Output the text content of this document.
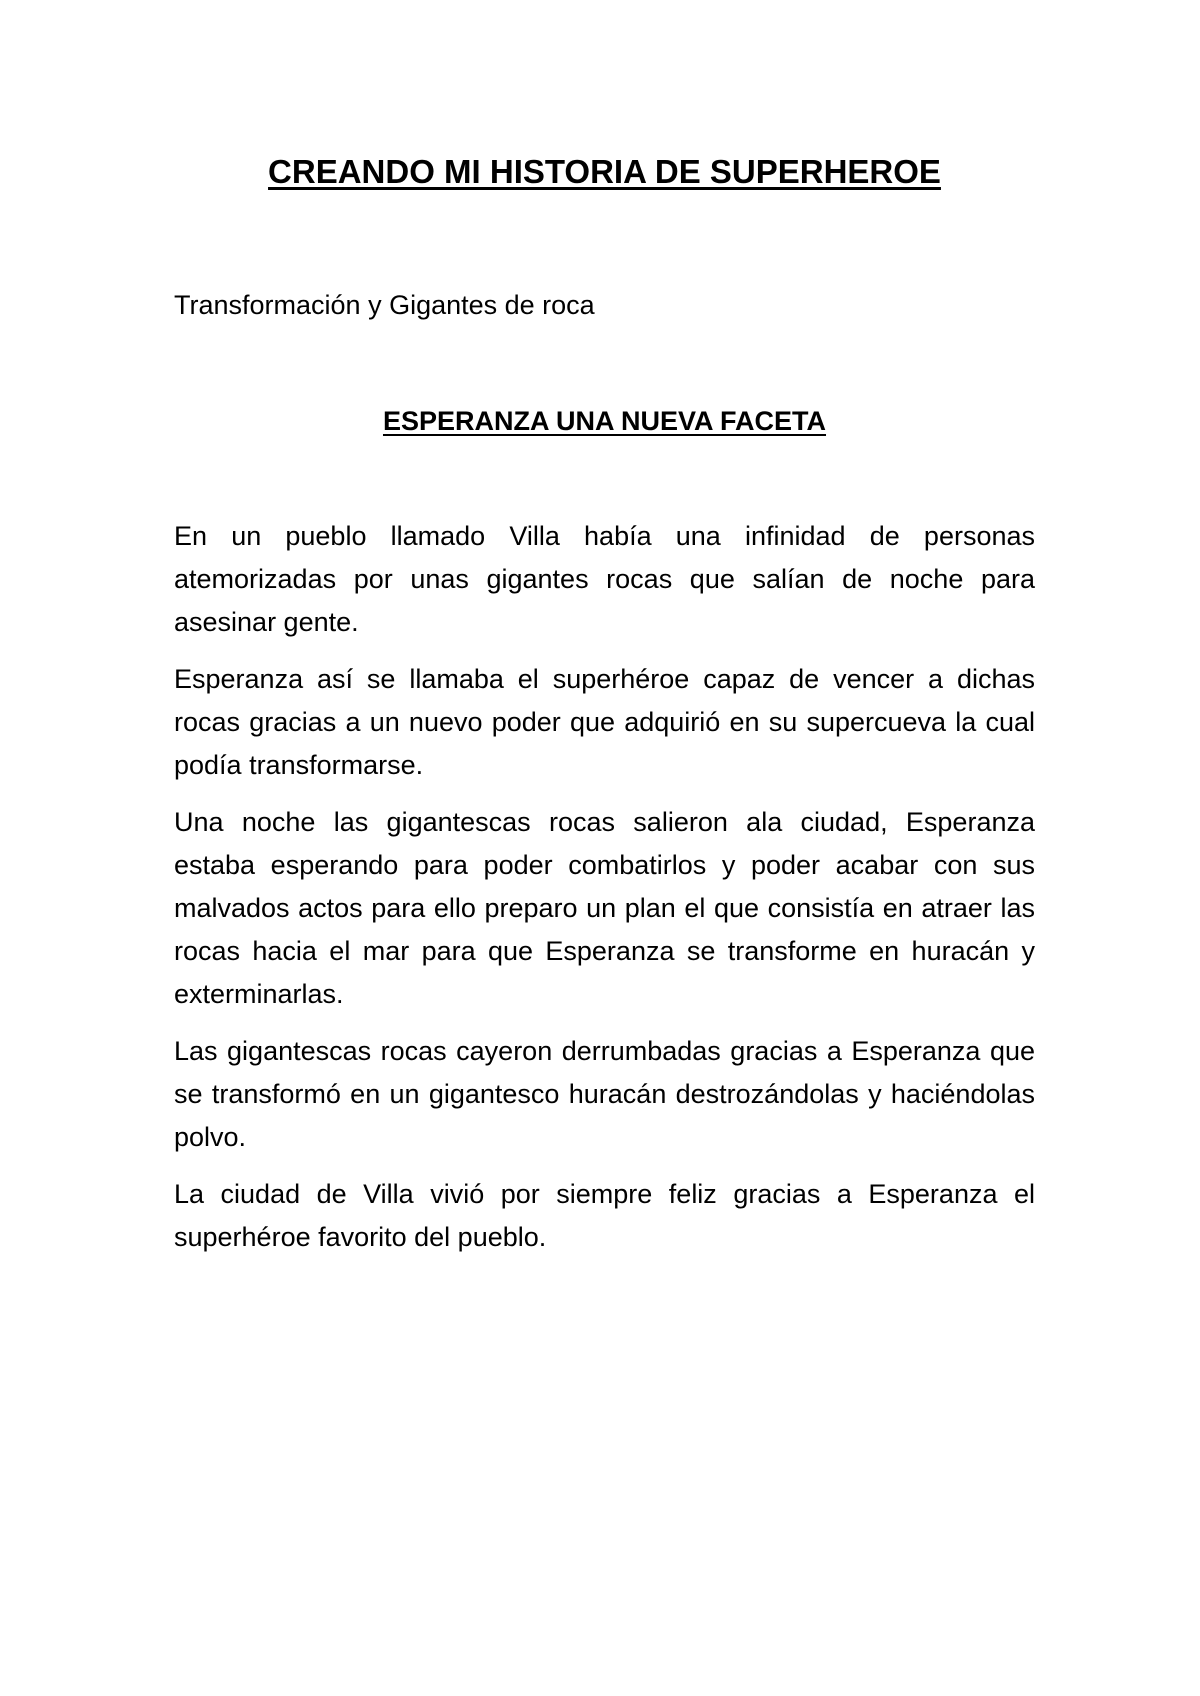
CREANDO MI HISTORIA DE SUPERHEROE

Transformación y Gigantes de roca

ESPERANZA UNA NUEVA FACETA

En un pueblo llamado Villa había una infinidad de personas atemorizadas por unas gigantes rocas que salían de noche para asesinar gente.

Esperanza así se llamaba el superhéroe capaz de vencer a dichas rocas gracias a un nuevo poder que adquirió en su supercueva la cual podía transformarse.

Una noche las gigantescas rocas salieron ala ciudad, Esperanza estaba esperando para poder combatirlos y poder acabar con sus malvados actos para ello preparo un plan el que consistía en atraer las rocas hacia el mar para que Esperanza se transforme en huracán y exterminarlas.

Las gigantescas rocas cayeron derrumbadas gracias a Esperanza que se transformó en un gigantesco huracán destrozándolas y haciéndolas polvo.

La ciudad de Villa vivió por siempre feliz gracias a Esperanza el superhéroe favorito del pueblo.
